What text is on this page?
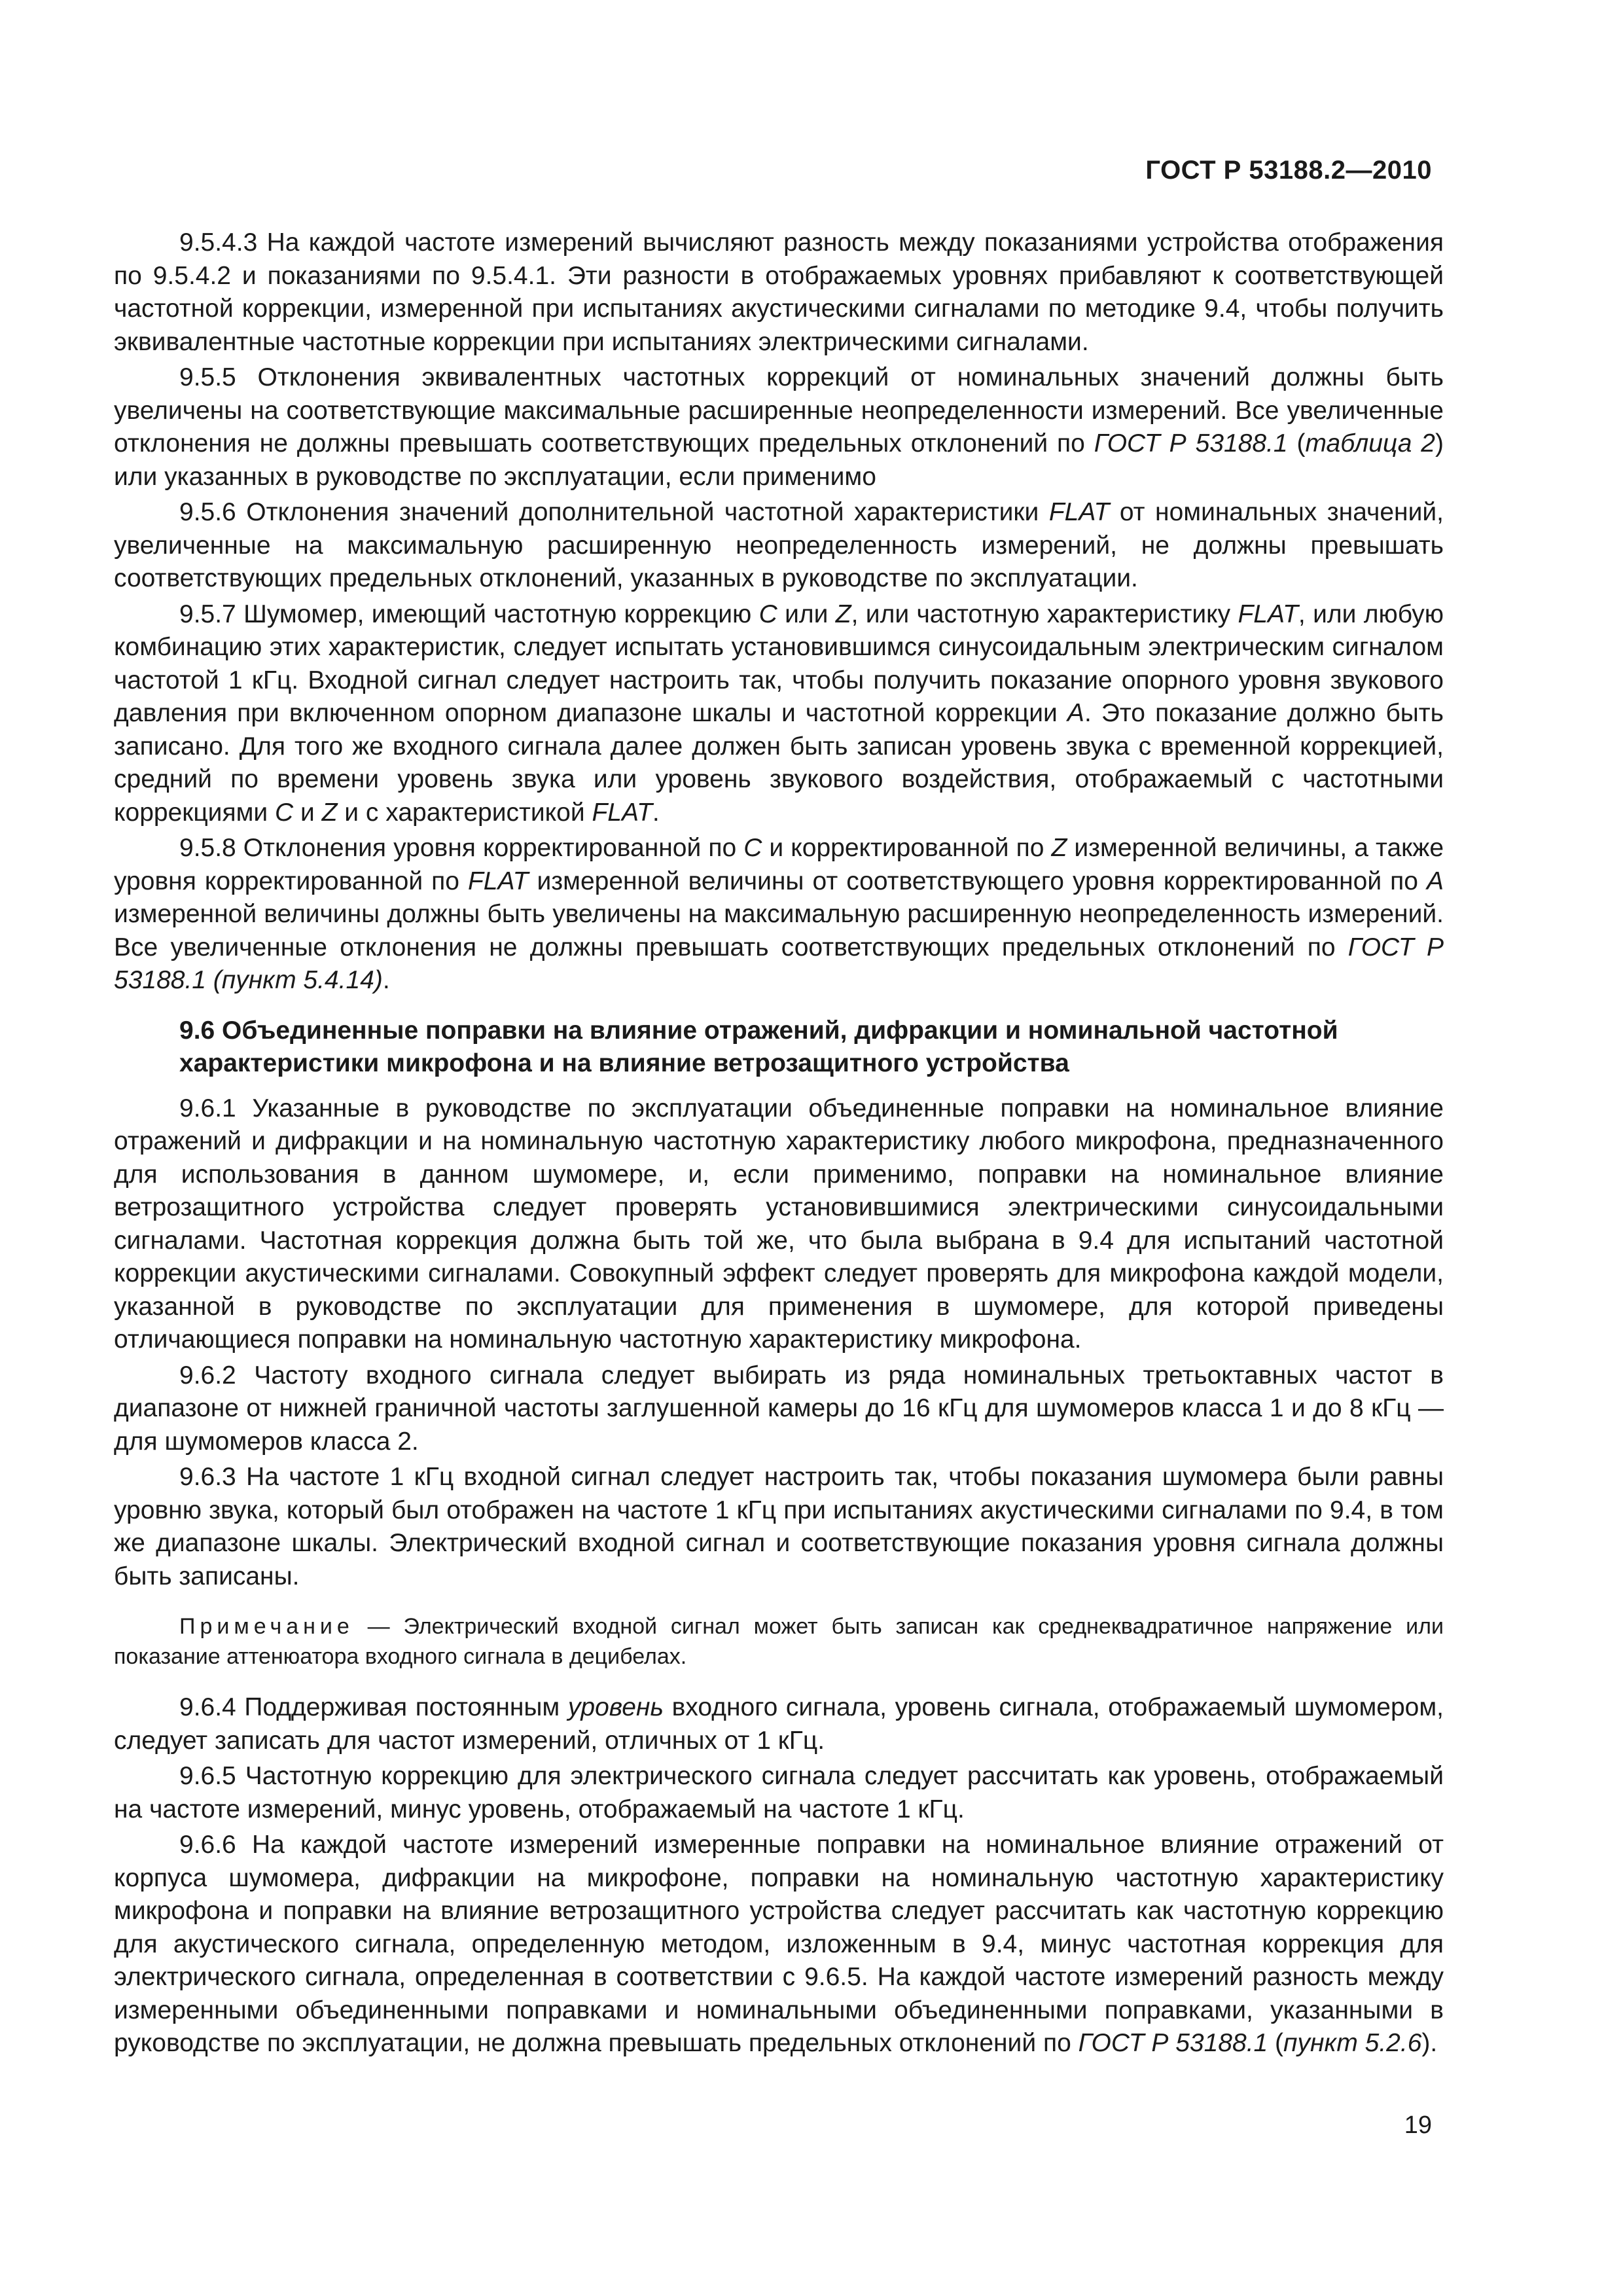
ГОСТ Р 53188.2—2010

9.5.4.3 На каждой частоте измерений вычисляют разность между показаниями устройства отображения по 9.5.4.2 и показаниями по 9.5.4.1. Эти разности в отображаемых уровнях прибавляют к соответствующей частотной коррекции, измеренной при испытаниях акустическими сигналами по методике 9.4, чтобы получить эквивалентные частотные коррекции при испытаниях электрическими сигналами.

9.5.5 Отклонения эквивалентных частотных коррекций от номинальных значений должны быть увеличены на соответствующие максимальные расширенные неопределенности измерений. Все увеличенные отклонения не должны превышать соответствующих предельных отклонений по ГОСТ Р 53188.1 (таблица 2) или указанных в руководстве по эксплуатации, если применимо

9.5.6 Отклонения значений дополнительной частотной характеристики FLAT от номинальных значений, увеличенные на максимальную расширенную неопределенность измерений, не должны превышать соответствующих предельных отклонений, указанных в руководстве по эксплуатации.

9.5.7 Шумомер, имеющий частотную коррекцию С или Z, или частотную характеристику FLAT, или любую комбинацию этих характеристик, следует испытать установившимся синусоидальным электрическим сигналом частотой 1 кГц. Входной сигнал следует настроить так, чтобы получить показание опорного уровня звукового давления при включенном опорном диапазоне шкалы и частотной коррекции А. Это показание должно быть записано. Для того же входного сигнала далее должен быть записан уровень звука с временной коррекцией, средний по времени уровень звука или уровень звукового воздействия, отображаемый с частотными коррекциями С и Z и с характеристикой FLAT.

9.5.8 Отклонения уровня корректированной по С и корректированной по Z измеренной величины, а также уровня корректированной по FLAT измеренной величины от соответствующего уровня корректированной по А измеренной величины должны быть увеличены на максимальную расширенную неопределенность измерений. Все увеличенные отклонения не должны превышать соответствующих предельных отклонений по ГОСТ Р 53188.1 (пункт 5.4.14).

9.6 Объединенные поправки на влияние отражений, дифракции и номинальной частотной характеристики микрофона и на влияние ветрозащитного устройства

9.6.1 Указанные в руководстве по эксплуатации объединенные поправки на номинальное влияние отражений и дифракции и на номинальную частотную характеристику любого микрофона, предназначенного для использования в данном шумомере, и, если применимо, поправки на номинальное влияние ветрозащитного устройства следует проверять установившимися электрическими синусоидальными сигналами. Частотная коррекция должна быть той же, что была выбрана в 9.4 для испытаний частотной коррекции акустическими сигналами. Совокупный эффект следует проверять для микрофона каждой модели, указанной в руководстве по эксплуатации для применения в шумомере, для которой приведены отличающиеся поправки на номинальную частотную характеристику микрофона.

9.6.2 Частоту входного сигнала следует выбирать из ряда номинальных третьоктавных частот в диапазоне от нижней граничной частоты заглушенной камеры до 16 кГц для шумомеров класса 1 и до 8 кГц — для шумомеров класса 2.

9.6.3 На частоте 1 кГц входной сигнал следует настроить так, чтобы показания шумомера были равны уровню звука, который был отображен на частоте 1 кГц при испытаниях акустическими сигналами по 9.4, в том же диапазоне шкалы. Электрический входной сигнал и соответствующие показания уровня сигнала должны быть записаны.

Примечание — Электрический входной сигнал может быть записан как среднеквадратичное напряжение или показание аттенюатора входного сигнала в децибелах.

9.6.4 Поддерживая постоянным уровень входного сигнала, уровень сигнала, отображаемый шумомером, следует записать для частот измерений, отличных от 1 кГц.

9.6.5 Частотную коррекцию для электрического сигнала следует рассчитать как уровень, отображаемый на частоте измерений, минус уровень, отображаемый на частоте 1 кГц.

9.6.6 На каждой частоте измерений измеренные поправки на номинальное влияние отражений от корпуса шумомера, дифракции на микрофоне, поправки на номинальную частотную характеристику микрофона и поправки на влияние ветрозащитного устройства следует рассчитать как частотную коррекцию для акустического сигнала, определенную методом, изложенным в 9.4, минус частотная коррекция для электрического сигнала, определенная в соответствии с 9.6.5. На каждой частоте измерений разность между измеренными объединенными поправками и номинальными объединенными поправками, указанными в руководстве по эксплуатации, не должна превышать предельных отклонений по ГОСТ Р 53188.1 (пункт 5.2.6).

19
